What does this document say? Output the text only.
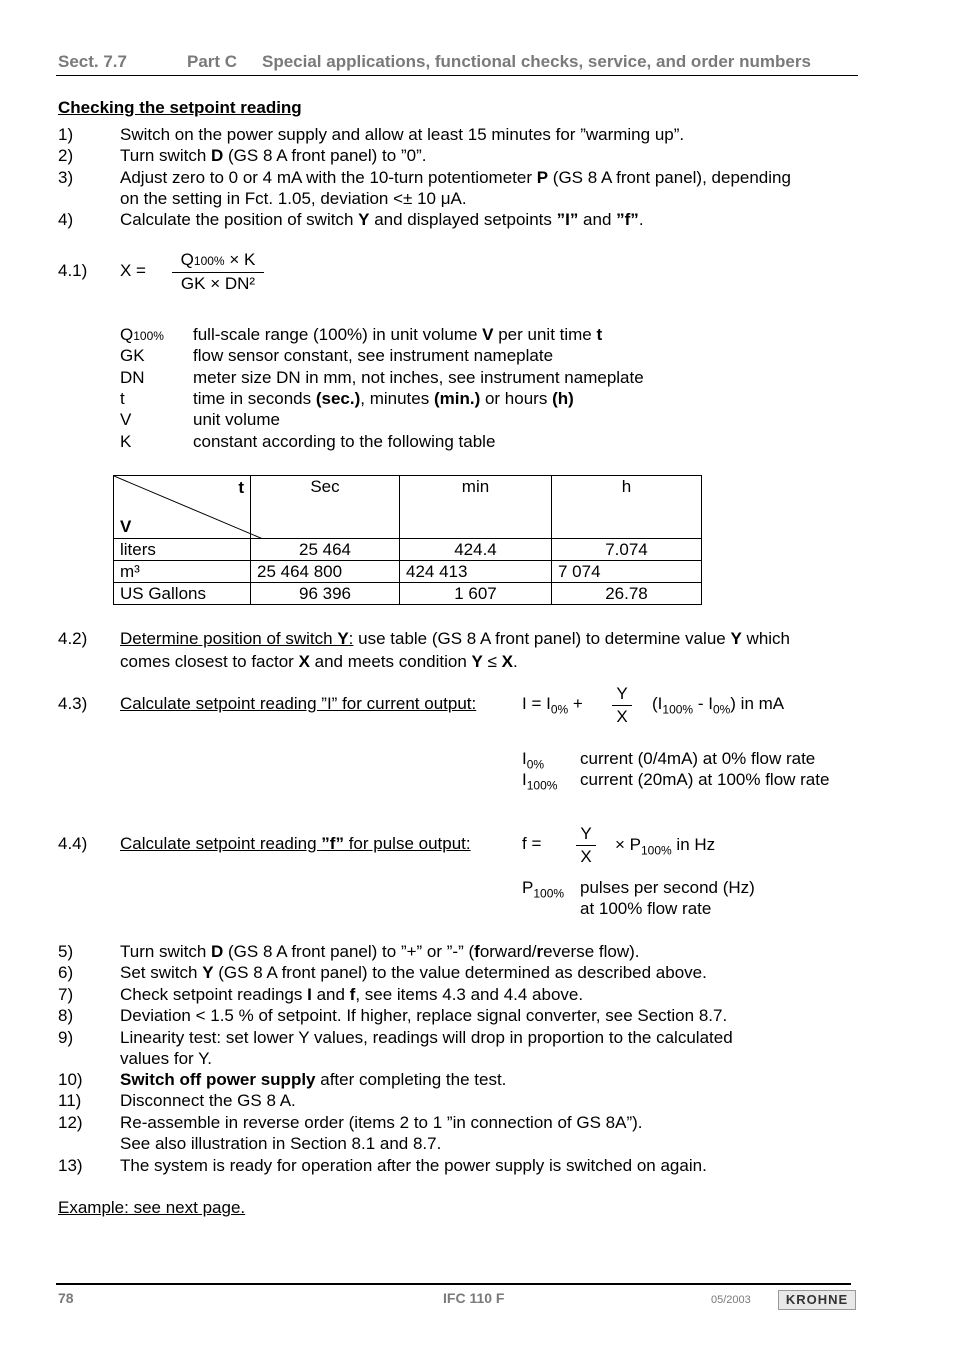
Sect. 7.7	Part C Special applications, functional checks, service, and order numbers
Checking the setpoint reading
1)	Switch on the power supply and allow at least 15 minutes for ”warming up”.
2)	Turn switch D (GS 8 A front panel) to ”0”.
3)	Adjust zero to 0 or 4 mA with the 10-turn potentiometer P (GS 8 A front panel), depending
on the setting in Fct. 1.05, deviation <± 10 μA.
4)	Calculate the position of switch Y and displayed setpoints ”I” and ”f”.
4.1) X =
Q100% × K
GK × DN²
Q100% full-scale range (100%) in unit volume V per unit time t
GK	flow sensor constant, see instrument nameplate
DN	meter size DN in mm, not inches, see instrument nameplate
t	time in seconds (sec.), minutes (min.) or hours (h)
V	unit volume
K	constant according to the following table
t
V	Sec	min	h
liters	25 464	424.4	7.074
m³	25 464 800	424 413	7 074
US Gallons	96 396	1 607	26.78
4.2) Determine position of switch Y: use table (GS 8 A front panel) to determine value Y which
comes closest to factor X and meets condition Y ≤ X.
4.3) Calculate setpoint reading ”I” for current output:	$I = I_{0\%}$ +
Y
X
$(I_{100\%} - I_{0\%})$ in mA
$I_{0\%}$ current (0/4mA) at 0% flow rate
$I_{100\%}$ current (20mA) at 100% flow rate
4.4) Calculate setpoint reading ”f” for pulse output:	f =
Y
X
× $P_{100\%}$ in Hz
$P_{100\%}$ pulses per second (Hz)
at 100% flow rate
5)	Turn switch D (GS 8 A front panel) to ”+” or ”-” (forward/reverse flow).
6)	Set switch Y (GS 8 A front panel) to the value determined as described above.
7)	Check setpoint readings I and f, see items 4.3 and 4.4 above.
8)	Deviation < 1.5 % of setpoint. If higher, replace signal converter, see Section 8.7.
9)	Linearity test: set lower Y values, readings will drop in proportion to the calculated
values for Y.
10) Switch off power supply after completing the test.
11) Disconnect the GS 8 A.
12) Re-assemble in reverse order (items 2 to 1 ”in connection of GS 8A”).
See also illustration in Section 8.1 and 8.7.
13) The system is ready for operation after the power supply is switched on again.
Example: see next page.
78	IFC 110 F	05/2003	KROHNE
